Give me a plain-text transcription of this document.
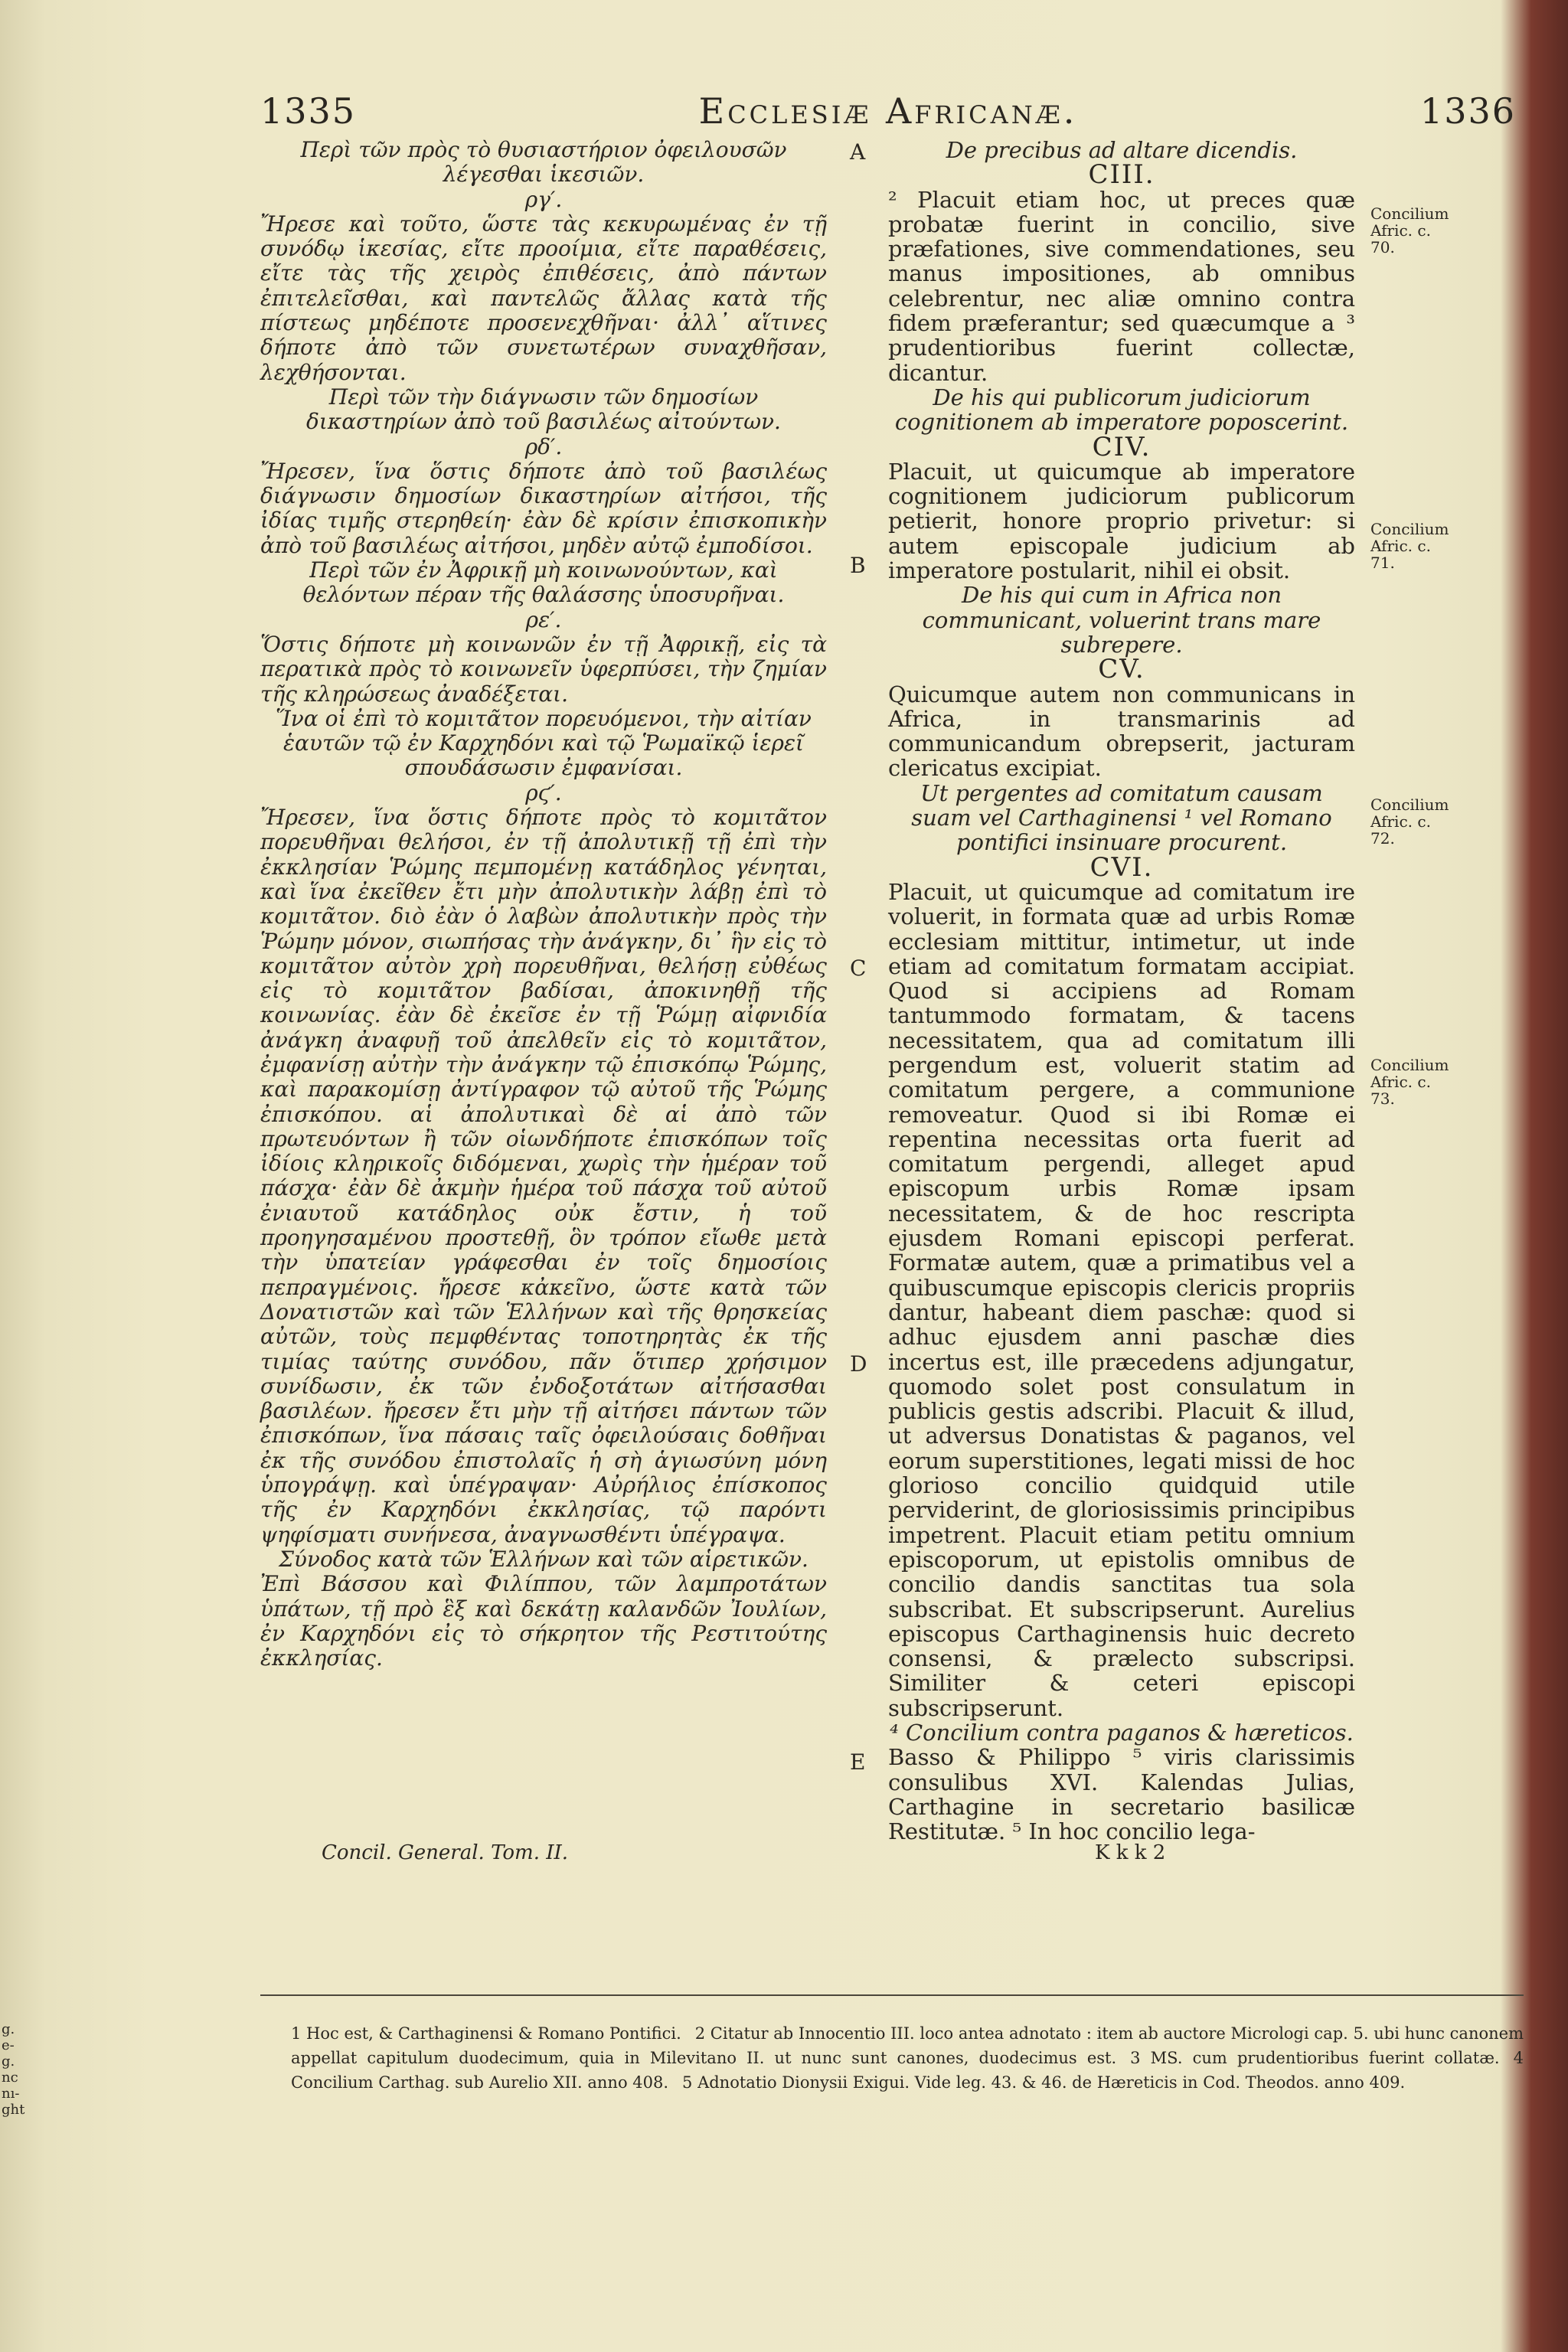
1335	Ecclesiæ Africanæ.	1336

Περὶ τῶν πρὸς τὸ θυσιαστήριον ὀφειλουσῶν λέγεσθαι ἱκεσιῶν.

ργ′.

Ἤρεσε καὶ τοῦτο, ὥστε τὰς κεκυρωμένας ἐν τῇ συνόδῳ ἱκεσίας, εἴτε προοίμια, εἴτε παραθέσεις, εἴτε τὰς τῆς χειρὸς ἐπιθέσεις, ἀπὸ πάντων ἐπιτελεῖσθαι, καὶ παντελῶς ἄλλας κατὰ τῆς πίστεως μηδέποτε προσενεχθῆναι· ἀλλ᾽ αἵτινες δήποτε ἀπὸ τῶν συνετωτέρων συναχθῆσαν, λεχθήσονται.

Περὶ τῶν τὴν διάγνωσιν τῶν δημοσίων δικαστηρίων ἀπὸ τοῦ βασιλέως αἰτούντων.

ρδ′.

Ἤρεσεν, ἵνα ὅστις δήποτε ἀπὸ τοῦ βασιλέως διάγνωσιν δημοσίων δικαστηρίων αἰτήσοι, τῆς ἰδίας τιμῆς στερηθείη· ἐὰν δὲ κρίσιν ἐπισκοπικὴν ἀπὸ τοῦ βασιλέως αἰτήσοι, μηδὲν αὐτῷ ἐμποδίσοι.

Περὶ τῶν ἐν Ἀφρικῇ μὴ κοινωνούντων, καὶ θελόντων πέραν τῆς θαλάσσης ὑποσυρῆναι.

ρε′.

Ὅστις δήποτε μὴ κοινωνῶν ἐν τῇ Ἀφρικῇ, εἰς τὰ περατικὰ πρὸς τὸ κοινωνεῖν ὑφερπύσει, τὴν ζημίαν τῆς κληρώσεως ἀναδέξεται.

Ἵνα οἱ ἐπὶ τὸ κομιτᾶτον πορευόμενοι, τὴν αἰτίαν ἑαυτῶν τῷ ἐν Καρχηδόνι καὶ τῷ Ῥωμαϊκῷ ἱερεῖ σπουδάσωσιν ἐμφανίσαι.

ρϛ′.

Ἤρεσεν, ἵνα ὅστις δήποτε πρὸς τὸ κομιτᾶτον πορευθῆναι θελήσοι, ἐν τῇ ἀπολυτικῇ τῇ ἐπὶ τὴν ἐκκλησίαν Ῥώμης πεμπομένῃ κατάδηλος γένηται, καὶ ἵνα ἐκεῖθεν ἔτι μὴν ἀπολυτικὴν λάβῃ ἐπὶ τὸ κομιτᾶτον. διὸ ἐὰν ὁ λαβὼν ἀπολυτικὴν πρὸς τὴν Ῥώμην μόνον, σιωπήσας τὴν ἀνάγκην, δι᾽ ἣν εἰς τὸ κομιτᾶτον αὐτὸν χρὴ πορευθῆναι, θελήσῃ εὐθέως εἰς τὸ κομιτᾶτον βαδίσαι, ἀποκινηθῇ τῆς κοινωνίας. ἐὰν δὲ ἐκεῖσε ἐν τῇ Ῥώμῃ αἰφνιδία ἀνάγκη ἀναφυῇ τοῦ ἀπελθεῖν εἰς τὸ κομιτᾶτον, ἐμφανίσῃ αὐτὴν τὴν ἀνάγκην τῷ ἐπισκόπῳ Ῥώμης, καὶ παρακομίσῃ ἀντίγραφον τῷ αὐτοῦ τῆς Ῥώμης ἐπισκόπου. αἱ ἀπολυτικαὶ δὲ αἱ ἀπὸ τῶν πρωτευόντων ἢ τῶν οἱωνδήποτε ἐπισκόπων τοῖς ἰδίοις κληρικοῖς διδόμεναι, χωρὶς τὴν ἡμέραν τοῦ πάσχα· ἐὰν δὲ ἀκμὴν ἡμέρα τοῦ πάσχα τοῦ αὐτοῦ ἐνιαυτοῦ κατάδηλος οὐκ ἔστιν, ἡ τοῦ προηγησαμένου προστεθῇ, ὃν τρόπον εἴωθε μετὰ τὴν ὑπατείαν γράφεσθαι ἐν τοῖς δημοσίοις πεπραγμένοις. ἤρεσε κἀκεῖνο, ὥστε κατὰ τῶν Δονατιστῶν καὶ τῶν Ἑλλήνων καὶ τῆς θρησκείας αὐτῶν, τοὺς πεμφθέντας τοποτηρητὰς ἐκ τῆς τιμίας ταύτης συνόδου, πᾶν ὅτιπερ χρήσιμον συνίδωσιν, ἐκ τῶν ἐνδοξοτάτων αἰτήσασθαι βασιλέων. ἤρεσεν ἔτι μὴν τῇ αἰτήσει πάντων τῶν ἐπισκόπων, ἵνα πάσαις ταῖς ὀφειλούσαις δοθῆναι ἐκ τῆς συνόδου ἐπιστολαῖς ἡ σὴ ἁγιωσύνη μόνη ὑπογράψῃ. καὶ ὑπέγραψαν· Αὐρήλιος ἐπίσκοπος τῆς ἐν Καρχηδόνι ἐκκλησίας, τῷ παρόντι ψηφίσματι συνήνεσα, ἀναγνωσθέντι ὑπέγραψα.

Σύνοδος κατὰ τῶν Ἑλλήνων καὶ τῶν αἱρετικῶν.

Ἐπὶ Βάσσου καὶ Φιλίππου, τῶν λαμπροτάτων ὑπάτων, τῇ πρὸ ἓξ καὶ δεκάτῃ καλανδῶν Ἰουλίων, ἐν Καρχηδόνι εἰς τὸ σήκρητον τῆς Ρεστιτούτης ἐκκλησίας.

De precibus ad altare dicendis.

CIII.

² Placuit etiam hoc, ut preces quæ probatæ fuerint in concilio, sive præfationes, sive commendationes, seu manus impositiones, ab omnibus celebrentur, nec aliæ omnino contra fidem præferantur; sed quæcumque a ³ prudentioribus fuerint collectæ, dicantur.

De his qui publicorum judiciorum cognitionem ab imperatore poposcerint.

CIV.

Placuit, ut quicumque ab imperatore cognitionem judiciorum publicorum petierit, honore proprio privetur: si autem episcopale judicium ab imperatore postularit, nihil ei obsit.

De his qui cum in Africa non communicant, voluerint trans mare subrepere.

CV.

Quicumque autem non communicans in Africa, in transmarinis ad communicandum obrepserit, jacturam clericatus excipiat.

Ut pergentes ad comitatum causam suam vel Carthaginensi ¹ vel Romano pontifici insinuare procurent.

CVI.

Placuit, ut quicumque ad comitatum ire voluerit, in formata quæ ad urbis Romæ ecclesiam mittitur, intimetur, ut inde etiam ad comitatum formatam accipiat. Quod si accipiens ad Romam tantummodo formatam, & tacens necessitatem, qua ad comitatum illi pergendum est, voluerit statim ad comitatum pergere, a communione removeatur. Quod si ibi Romæ ei repentina necessitas orta fuerit ad comitatum pergendi, alleget apud episcopum urbis Romæ ipsam necessitatem, & de hoc rescripta ejusdem Romani episcopi perferat. Formatæ autem, quæ a primatibus vel a quibuscumque episcopis clericis propriis dantur, habeant diem paschæ: quod si adhuc ejusdem anni paschæ dies incertus est, ille præcedens adjungatur, quomodo solet post consulatum in publicis gestis adscribi. Placuit & illud, ut adversus Donatistas & paganos, vel eorum superstitiones, legati missi de hoc glorioso concilio quidquid utile perviderint, de gloriosissimis principibus impetrent. Placuit etiam petitu omnium episcoporum, ut epistolis omnibus de concilio dandis sanctitas tua sola subscribat. Et subscripserunt. Aurelius episcopus Carthaginensis huic decreto consensi, & prælecto subscripsi. Similiter & ceteri episcopi subscripserunt.

⁴ Concilium contra paganos & hæreticos.

Basso & Philippo ⁵ viris clarissimis consulibus XVI. Kalendas Julias, Carthagine in secretario basilicæ Restitutæ. ⁵ In hoc concilio lega-

A
B
C
D
E
Concilium Afric. c. 70.
Concilium Afric. c. 71.
Concilium Afric. c. 72.
Concilium Afric. c. 73.
Concil. General. Tom. II.	K k k 2
1 Hoc est, & Carthaginensi & Romano Pontifici. 2 Citatur ab Innocentio III. loco antea adnotato : item ab auctore Micrologi cap. 5. ubi hunc canonem appellat capitulum duodecimum, quia in Milevitano II. ut nunc sunt canones, duodecimus est. 3 MS. cum prudentioribus fuerint collatæ. 4 Concilium Carthag. sub Aurelio XII. anno 408. 5 Adnotatio Dionysii Exigui. Vide leg. 43. & 46. de Hæreticis in Cod. Theodos. anno 409.
g.
e-
g.
nc
nı-
ght
